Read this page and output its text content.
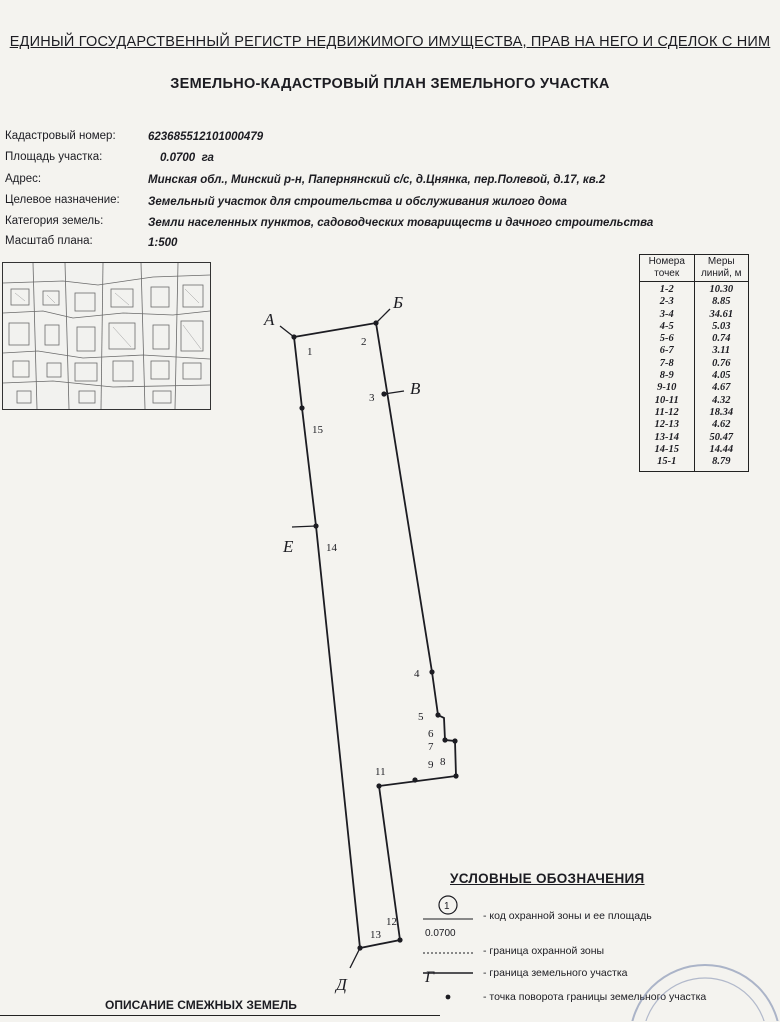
ЕДИНЫЙ ГОСУДАРСТВЕННЫЙ РЕГИСТР НЕДВИЖИМОГО ИМУЩЕСТВА, ПРАВ НА НЕГО И СДЕЛОК С НИМ
ЗЕМЕЛЬНО-КАДАСТРОВЫЙ ПЛАН ЗЕМЕЛЬНОГО УЧАСТКА
Кадастровый номер:	623685512101000479
Площадь участка:	0.0700  га
Адрес:	Минская обл., Минский р-н, Папернянский с/с, д.Цнянка, пер.Полевой, д.17, кв.2
Целевое назначение: Земельный участок для строительства и обслуживания жилого дома
Категория земель:	Земли населенных пунктов, садоводческих товариществ и дачного строительства
Масштаб плана:	1:500
Номера точек	Меры линий, м
1-2	10.30
2-3	8.85
3-4	34.61
4-5	5.03
5-6	0.74
6-7	3.11
7-8	0.76
8-9	4.05
9-10	4.67
10-11	4.32
11-12	18.34
12-13	4.62
13-14	50.47
14-15	14.44
15-1	8.79
1
2
3
4
5
6
7
8
9
11
12
13
14
15
А
Б
В
Д
Е
УСЛОВНЫЕ ОБОЗНАЧЕНИЯ
1
0.0700
Г
- код охранной зоны и ее площадь
- граница охранной зоны
- граница земельного участка
- точка поворота границы земельного участка
ОПИСАНИЕ СМЕЖНЫХ ЗЕМЕЛЬ
